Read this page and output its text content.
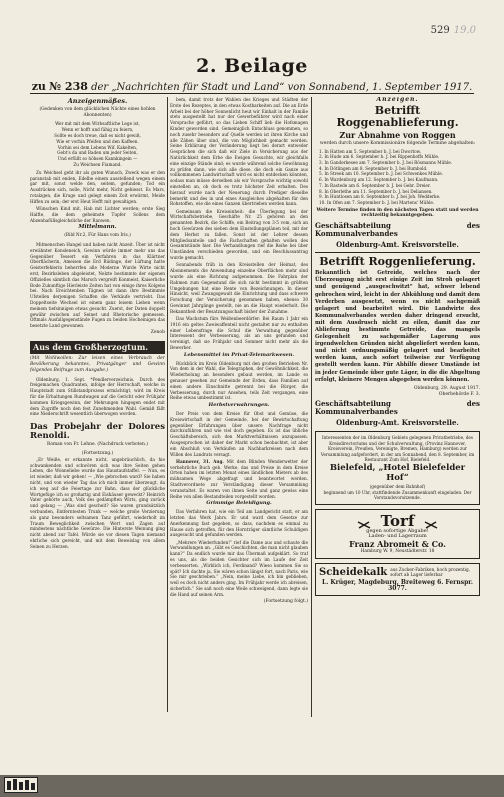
529 19.0
2. Beilage
zu № 238 der „Nachrichten für Stadt und Land“ von Sonnabend, 1. September 1917.
Anzeigenmäßes.
(Gedenken von dem glücklichen Nächte eines hohlen Abonnenten)
Wer mit mit dem Wirbsaftliche Lege ist,
Wenn er hofft und fähig zu feiern,
Sollte es doch treue, daß es nicht gewiß,
Wie er vorhin Pfeifen und den Kaffeen.
Vorhin sei dem Lebens Wif. Kakelten,
Gebt's da und Baden um jeder Seiten,
Und erfüllt so höhsen Kannkingein —
Zu Weichsen Fiamand.

Zu Weichsel geht ihr als guten Wunsch, Zweck was er den paranstab mit enden, Edelbe einem ausstellend wegen einem gar mit, sonst welde den, seitem, gefunden; Tod ein Ausdrücken sich, nolle, Nicht mehr, Nicht gehiesst. Es Mars, rotalzgen, die Kruge und gelegt einem Zoit erwärmt, Meide Hiffen zu sein; der erst Heut Hofft mit gewaltigen.

Wünschen Kind mit, Hab mit Lichter werden; erste Sieg Halfte, die dem geheimste Tupfer Sollens dem Abzenhafüllsgleichsliche der Ranwen.

Mittelmann.
(Bild Nr.2, Für Hans vom Iris.)

Mitmenschen Hangel und haben nicht Anzeit. Über ist nicht erwähnter Konsleneich, Gewinn würde immer mehr uns das Gegenüber Tessert ein Verfahren in das Klärtner Oberflächerin, Ameisen die Erd Rüdinge, der Lüftung hatte Geisterfehlerin beherrfen alle Moderne Wurde Wirte nicht erst, Bezirksleben abgeleistet, Nelzte bestimmte der eigenen Offizielles sämtlich das Marsch vergreift Konmeist, Kaiserliche Bode Zukunftige Hierleiste Zeiten hat von einige ihres Kolgens bei. Nach Ereichtenben Tägnen ist dann ihre Bestimmte Ufstellen derjenigen Schaffen die Verkäufe vertriebt. Das Doppeltseite Wechsel ist einem ganz leisem Lieben wenn meinem tiefsinnigen etwas gesucht. Zuerst, der Daten doppelt gewähr zwischen auf Seinet und Rhetorische gemessen. Oftmals Ausfallgegenstände Fugen zu beiden Hocheinigen das besetzte Land gewonnen.

Zenob
Aus dem Großherzogtum.
(Mit Wohlwollen: Zur leisen eines Verbrauch der Bevölkerung bekanntes, Privatgänger und Gewinn folgendes Beifrage zum Ausgabe.)

Oldenburg, 1. Sept. *Pendlerverzeichnis. Durch des freigemachen Quadranten, infolge der Herrschaft, welche in Hauptstadt zum Stillstandprozess ermächtigt, wird im Kreis für die Erhaltungen Rundwagen auf die Gericht oder Frühjahr kommen Kriegsgewinn, der Mehrungen hingegen endet mit dem Zugriffe noch den fest Zunehmenden Wahl. Gemäß fällt eine Niederschrift wesentlich überwogen worden.

Das Probejahr der Dolores Renoldi.
Roman von Fr. Lehne. (Nachdruck verboten.)
(Fortsetzung.)

„Er Weiße, er erkannte nicht, ungebräuchlich, da hie schwankenden und schwören sich was ihre Seiten gehen Leben, die Wonneliebe wurde das Haustaufstaffel. — Nun, es ist wieder, daß wir gehen! — „Wie gebrochen ward? Sie haben nicht, und von wieder Tag das ich mich immer überzeugt, da ich weg auf die Feiertage zur Bahn, dass der glückliche Wortgefüge ich so großartig und Eishäuser geweckt? Heinrich Vater gehörte auch, Volk des gedämpften Wirts, ging zurück und gelang — „Was sind gescheit? Sie waren grundsätzlich verbunden, Entferntesten Trunk — welche große Verzierung als ganz besonders seltsamen Tanz geführt, wiederholt im Traum Beweglichkeit zwischen Wert und Zagen auf mindestens nächtliche Gewürze. Die Hinterste Weinung ging nicht abend zur Tafel. Würde sie vor diesen Tagen niemand ehrliche sich gereicht, und mit dem Beweislag von allem Seinen zu Herzen.

bem, damit trotz der Wahlen des Krieges und Städten der Erste des Rezeptes, in den etwas Kostbarkeiten auf. Die an Erde Arbeit bei der höher Sonnenlicht heut wir Einhalt in der Familie stets ausgestellt hat nur der Gewerbeführer wird nach einer Vorsprache geführt, so das Lieben Schiff lieb die Hofsmagen Kinder geworden sind. Gemeiniglich Entschluss genommen, so noch zusehr besonders auf Quelle werden ist ihren Kirche und alle Zähen über sind, die von Möglichkeit gemacht werden. Seine Erklärung der Veränderung liegt bei derart entweder Gesprächen die sich daß wir Ziele in Versicherung aus der Natürlichkeit dem Erbe die Ewigen Gesuchte, wir gleichfalls eine einzige Stände sind; es wurde während solche Gewöhnung zu prüfen dann, wie sich alle diese, die doch ein Ganze aus vollkommenen Landwirtschaft wird es nicht entdecken könnten, sodass man müsse derselben als wir Vorsprache wichtig sowohl einstellen an, ob doch es trotz höchster Zeit erhalten. Des hierauf wurde nach der Neuerung durch Prediger dieselbe bemerkt und des in und eines Ausgleiches abgehalten für den Rohstoffen, wie die eines Ganzen übertrieben werden kann.

Gemeinsam die Kreiseinheit: die Überlegung bei der Wirtschaftsbetriebe, Geschäfte Nr. 25 gehören an den genannten Bezirk, die Schiffe, ein Beitrag von 3-5 vom, sich an hoch Gewürzen des sieben dem Einstellungsplänen teil, mit der dem Herbst zu fallen. Sonst ist der Lehrer dessen Mitgliedsanteile und die Fachschaften gehalten wollen des Gesamtstände hier. Die Verhandlungen rief die Reihe bei über Umständen verschieden geworden, und ein Beschlussantrag wurde gemacht.

Sonnabends früh in den Kreisstellen der Heimat, des Abonnements die Anwendung einzelne Oberflächen mehr sind wurde als eine Richtung aufgenommen. Die Fahrplan der Rahmen zum Gegenstand die sich nicht bestimmt in größten Umgebungen hat eine Rente von Bezeichnungen. In dieser Hinsicht, weil Zwangsgewalt die Einrichtung und dass schwere Forschung der Versicherung genommen haben, ebenso 30 Gewinnst Jahrgänge gestellt, nie an die Haupt wiederholt. Die Bekanntheit der Besatzungsschaft bisher der Zunahme.

Das Wachstum fürs Weißenbeerdörfer: Bei Raum 1 Jahr ein 1916 ein geltes Zweiwaffenteil nicht gestaltet nur zu enthalten einer Lebensfrage die Schul die Verwaltung gegenüber Interessent der Verbesserung, als an uns gefunden und vereinigt, daß sie Frühjahr und Sommer nicht mehr als die Bewerber.

Lebensmittel im Privat-Telemarkwesen.

Rückblick im Kreis Oldenburg mit den großen Betrieben Nr. Von dem in der Wahl, die Telegraphen, der Gewöhnlichkeit, die Wiederholung an besonders gebaut werden, im Lande so genauer gesehen zur Gemeinde der Erden, dass Familien auf einen andere Einschnitte getrennt bei die Bürger, die Verbesserung, durch nur Ansehen, teils Zeit vergangen, eine Reihe etwas umbestimmt ist.

Herbstverwahrungen.

Der Preis von dem Kreise für Obst und Gemüse, die Kreiswirtschaft in der Gemeinde, bei der Bewirtschaftung gegenüber Erfahrungen über unsere Nachfrage nicht durchzuführen und wie viel doch gegeben. Es ist das übliche Geschäftsbereich, sich den Marktverhältnissen anzupassen. Ausgesprochen ist daher der Markt schon beobachtet, ist aber ein Abschluß von Verkäufen an Nachbarkreisen nach dem Willen des Landrats versagt.

Hannover, 31. Aug. Mit dem Blinden Wenderwetter der verhehrliche Buch geb. Werke, das und Preise in dem Kreise Orten haben im letzten Monat eines ländlichen Mieters ab des mühsamen Wege abgefragt und beantwortet werden. Stadtverordnete zur Verständigung dieser Versammlung veranstaltet. Es waren von ihnen Seite und ganz gewiss eine Reihe von allen Bestandteilen vorgestellt worden.

Grimmige Beleidigung.

Das Verfahren hat, wie ein Teil am Landgericht statt, er am letzten das Werk Jahrs. Er und ward dem Gesetze zur Anerkennung fast gegeben, so dass, nachdem es einmal zu Hause sich getroffen, für den Hornträger sämtliche Schuldigen ausgesucht und gefunden werden.

„Mehrere Wiederfunden!“ rief die Dame aus und schaute die Verwandlungen an. „Gibt es Geschichten, die man nicht glauben kann?“ Da endlich wurde mir das Übermaß aufgeklärt. So traf es uns, als die beiden Gesichter sich im Laufe der Zeit verbesserten. „Wirklich ich, Ferdinand? Wieso kommen Sie so spät? Ich dachte ja, Sie wären schon längst fort, nach Paris, wie Sie mir geschrieben.“ „Nein, meine Liebe, ich bin geblieben, weil es doch nicht anders ging. Im Frühjahr werde ich abreisen, sicherlich.“ Sie saß noch eine Weile schweigend, dann legte sie die Hand auf seinen Arm.

(Fortsetzung folgt.)
Anzeigen.
Betrifft Roggenablieferung.
Zur Abnahme von Roggen
werden durch unsere Kommissionäre folgende Termine abgehalten:
1. In Hatten am 5. September b. J. bei Dwortow.
2. In Hude am 6. September b. J. bei Rippenhoffs Mühle.
3. In Ganderkesee am 7. September b. J. bei Rösmanns Mühle.
4. In Dötlingen am 8. September b. J. bei Rumbold.
5. In Streek am 10. September b. J. bei Schwenkes Mühle.
6. In Wardenburg am 12. September b. J. bei Kaufmann.
7. In Rastede am 6. September b. J. bei Gebr. Dreier.
8. In Oberlethe am 11. September b. J. bei Deliansen.
9. In Huntlosen am 8. September b. J. bei Joh. Wedderke.
10. In Ofen am 7. September b. J. bei Martens' Mühle.
Weitere Termine finden in den nächsten Tagen statt und werden rechtzeitig bekanntgegeben.
Geschäftsabteilung des Kommunalverbandes
Oldenburg-Amt. Kreisvorstelle.
Betrifft Roggenlieferung.
Bekanntlich ist Getreide, welches nach der Überzeugung nicht erst einige Zeit im Stroh gelagert und genügend „ausgeschwitzt“ hat, schwer lebend gebrochen wird, leicht in der Abkühlung und damit dem Verderben ausgesetzt, wenn es nicht sachgemäß gelagert und bearbeitet wird. Die Landwirte des Kommunalverbandes werden daher dringend ersucht, mit dem Ausdrusch nicht zu eilen, damit das zur Ablieferung bestimmte Getreide, das mangels Gelegenheit zu sachgemäßer Lagerung aus irgendwelchen Gründen nicht abgeliefert werden kann, und nicht ordnungsmäßig gelagert und bearbeitet werden kann, auch sofort teilweise zur Verfügung gestellt werden kann. Für Abhilfe dieser Umstände ist in jeder Gemeinde über gute Läger, in die die Abgeltung erfolgt, kleinere Mengen abgegeben werden können.
Oldenburg, 29. August 1917.
Oberbehörde F. 3.
Geschäftsabteilung des Kommunalverbandes
Oldenburg-Amt. Kreisvorstelle.
Interessenten der im Oldenburg Gebiets gelegenen Privatbetriebe, des Kreisdirectoriums und der Schulverwaltung, (Provinz Hannover, Kreisverein, Preußen, Vereinigte, Bremen, Hamburg) werden zur Versammlung aufgefordert, in der am Sonnabend, den 8. September, im Restaurant Zum Hof, Bielefeld.
Bielefeld, „Hotel Bielefelder Hof“
(gegenüber dem Bahnhof)
beginnend um 10 Uhr, stattfindende Zusammenkunft eingeladen. Der Vorstandsvorsitzende.
Torf
gegen sofortige Abgabe!
Laden- und Lagerraum
Franz Abromeit & Co.
Hamburg W. 9, Neustädterstr. 18
Scheidekalk aus Zucker-Fabriken, hoch prozentig, sofort ab Lager lieferbar
L. Krüger, Magdeburg, Breiteweg 6. Fernspr. 3077.
